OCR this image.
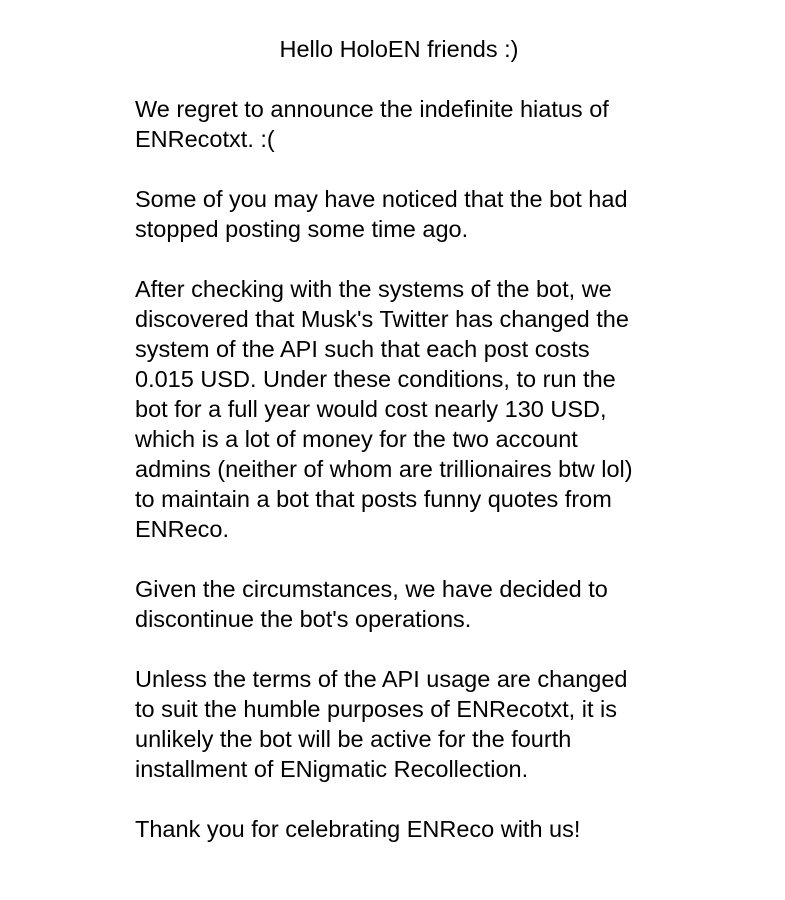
Hello HoloEN friends :)

We regret to announce the indefinite hiatus of
ENRecotxt. :(

Some of you may have noticed that the bot had
stopped posting some time ago.

After checking with the systems of the bot, we
discovered that Musk's Twitter has changed the
system of the API such that each post costs
0.015 USD. Under these conditions, to run the
bot for a full year would cost nearly 130 USD,
which is a lot of money for the two account
admins (neither of whom are trillionaires btw lol)
to maintain a bot that posts funny quotes from
ENReco.

Given the circumstances, we have decided to
discontinue the bot's operations.

Unless the terms of the API usage are changed
to suit the humble purposes of ENRecotxt, it is
unlikely the bot will be active for the fourth
installment of ENigmatic Recollection.

Thank you for celebrating ENReco with us!
